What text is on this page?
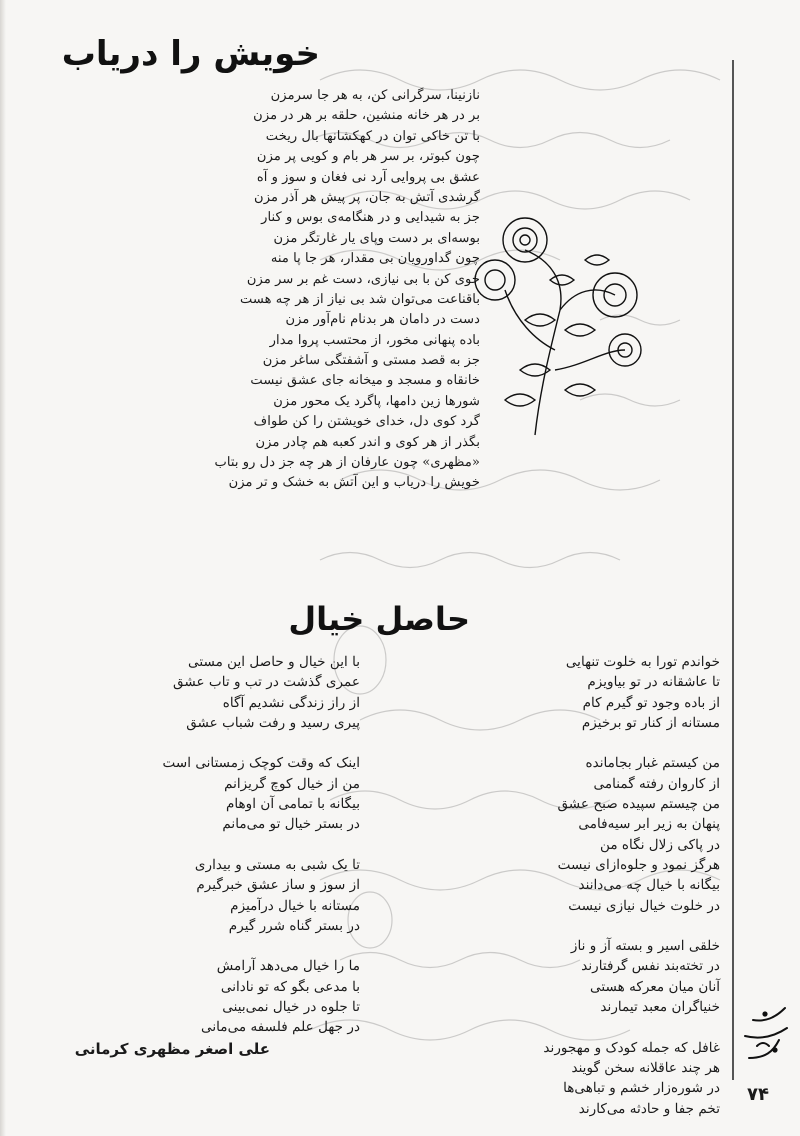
خویش را دریاب
نازنینا، سرگرانی کن، به هر جا سرمزن
بر در هر خانه منشین، حلقه بر هر در مزن
با تن خاکی توان در کهکشانها بال ریخت
چون کبوتر، بر سر هر بام و کویی پر مزن
عشق بی پروایی آرد نی فغان و سوز و آه
گرشدی آتش به جان، پر پیش هر آذر مزن
جز به شیدایی و در هنگامه‌ی بوس و کنار
بوسه‌ای بر دست وپای یار غارتگر مزن
چون گداورویان بی مقدار، هر جا پا منه
خوی کن با بی نیازی، دست غم بر سر مزن
باقناعت می‌توان شد بی نیاز از هر چه هست
دست در دامان هر بدنام نام‌آور مزن
باده پنهانی مخور، از محتسب پروا مدار
جز به قصد مستی و آشفتگی ساغر مزن
خانقاه و مسجد و میخانه جای عشق نیست
شورها زین دامها، پاگرد یک محور مزن
گرد کوی دل، خدای خویشتن را کن طواف
بگذر از هر کوی و اندر کعبه هم چادر مزن
«مظهری» چون عارفان از هر چه جز دل رو بتاب
خویش را دریاب و این آتش به خشک و تر مزن
حاصل خیال
خواندم تورا به خلوت تنهایی
تا عاشقانه در تو بیاویزم
از باده وجود تو گیرم کام
مستانه از کنار تو برخیزم
من کیستم غبار بجامانده
از کاروان رفته گمنامی
من چیستم سپیده صبح عشق
پنهان به زیر ابر سیه‌فامی
در پاکی زلال نگاه من
هرگز نمود و جلوه‌ازای نیست
بیگانه با خیال چه می‌دانند
در خلوت خیال نیازی نیست
خلقی اسیر و بسته آز و ناز
در تخته‌بند نفس گرفتارند
آنان میان معرکه هستی
خنیاگران معبد تیمارند
غافل که جمله کودک و مهجورند
هر چند عاقلانه سخن گویند
در شوره‌زار خشم و تباهی‌ها
تخم جفا و حادثه می‌کارند
با این خیال و حاصل این مستی
عمری گذشت در تب و تاب عشق
از راز زندگی نشدیم آگاه
پیری رسید و رفت شباب عشق
اینک که وقت کوچک زمستانی است
من از خیال کوچ گریزانم
بیگانه با تمامی آن اوهام
در بستر خیال تو می‌مانم
تا یک شبی به مستی و بیداری
از سوز و ساز عشق خبرگیرم
مستانه با خیال درآمیزم
در بستر گناه شرر گیرم
ما را خیال می‌دهد آرامش
با مدعی بگو که تو نادانی
تا جلوه در خیال نمی‌بینی
در جهل علم فلسفه می‌مانی

علی اصغر مظهری کرمانی

۷۴
